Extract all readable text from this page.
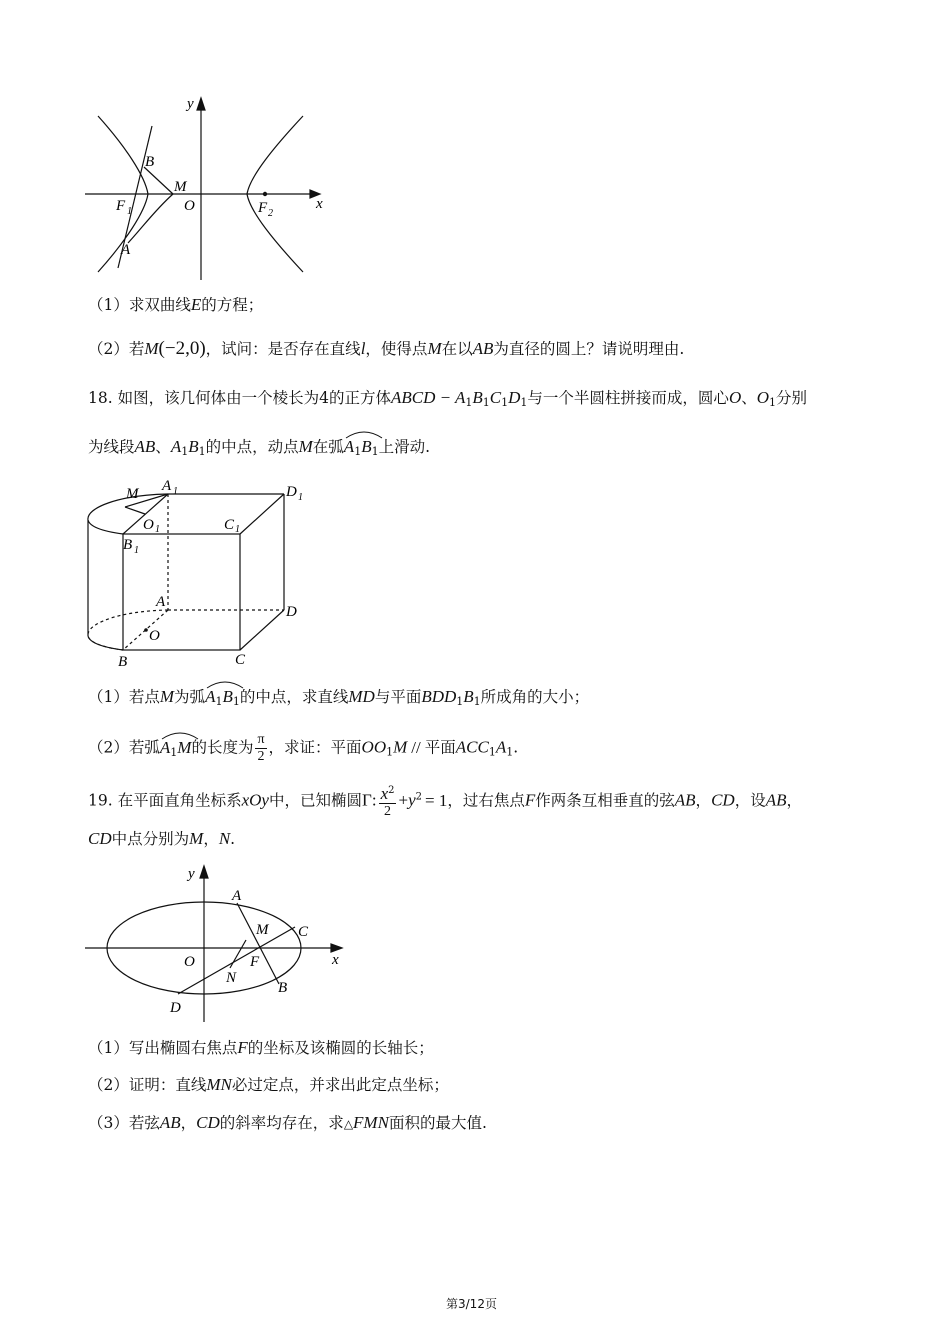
y
x
B
M
O
F 1	F 2
A
（1）求双曲线E的方程；
（2）若M(−2,0)，试问：是否存在直线l，使得点M在以AB为直径的圆上？请说明理由.
18. 如图，该几何体由一个棱长为4的正方体ABCD − $A_1B_1C_1D_1$与一个半圆柱拼接而成，圆心O、$O_1$分别
为线段AB、$A_1B_1$的中点，动点M在弧
$A_1B_1$上滑动.
M A 1
O 1
D 1
C 1
B 1
A
O
D
B	C
（1）若点M为弧
$A_1B_1$的中点，求直线MD与平面$BDD_1B_1$所成角的大小；
（2）若弧
$A_1M$的长度为 $\frac{\pi}{2}$ ，求证：平面$OO_1M$ // 平面$ACC_1A_1$.
19. 在平面直角坐标系xOy中，已知椭圆Γ: $\frac{x^2}{2} +y^2 = 1$，过右焦点F作两条互相垂直的弦AB，CD，设AB，
CD中点分别为M，N.
y
x
A
M C
O
N
F
B
D
（1）写出椭圆右焦点F的坐标及该椭圆的长轴长；
（2）证明：直线MN必过定点，并求出此定点坐标；
（3）若弦AB，CD的斜率均存在，求△FMN面积的最大值.
第3/12页
